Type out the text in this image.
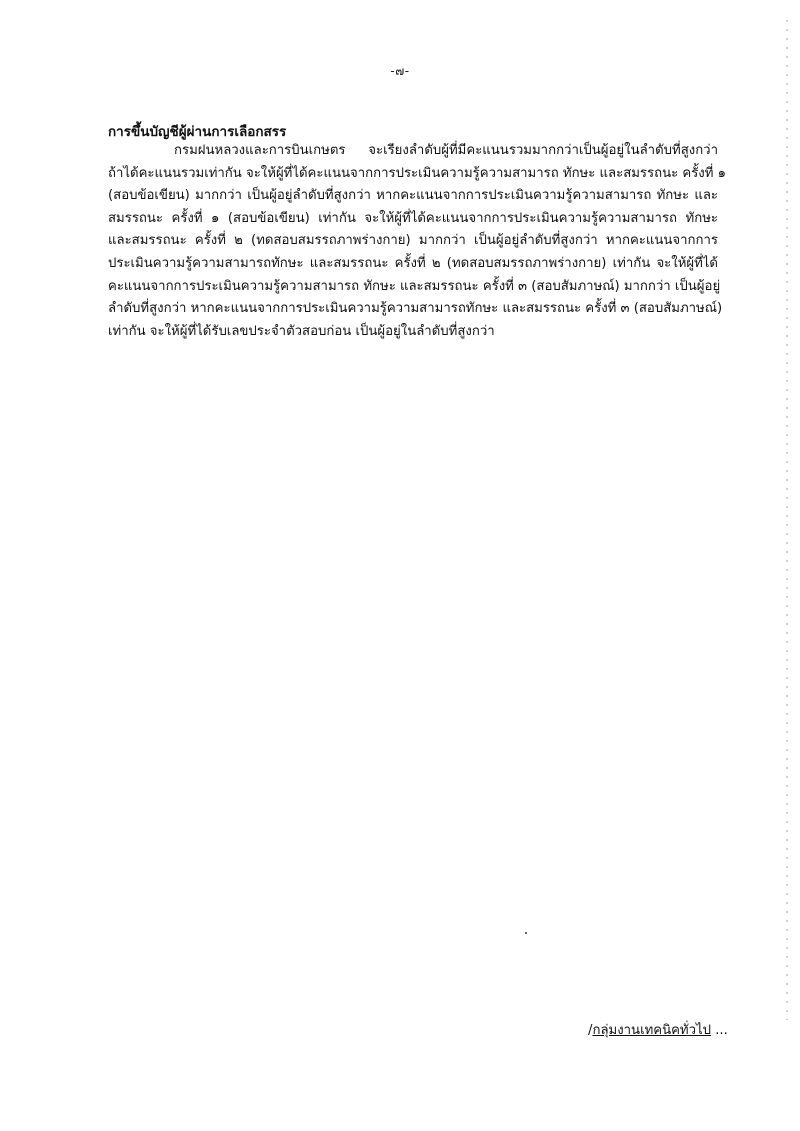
-๗-
การขึ้นบัญชีผู้ผ่านการเลือกสรร
กรมฝนหลวงและการบินเกษตร จะเรียงลำดับผู้ที่มีคะแนนรวมมากกว่าเป็นผู้อยู่ในลำดับที่สูงกว่า
ถ้าได้คะแนนรวมเท่ากัน จะให้ผู้ที่ได้คะแนนจากการประเมินความรู้ความสามารถ ทักษะ และสมรรถนะ ครั้งที่ ๑
(สอบข้อเขียน) มากกว่า เป็นผู้อยู่ลำดับที่สูงกว่า หากคะแนนจากการประเมินความรู้ความสามารถ ทักษะ และ
สมรรถนะ ครั้งที่ ๑ (สอบข้อเขียน) เท่ากัน จะให้ผู้ที่ได้คะแนนจากการประเมินความรู้ความสามารถ ทักษะ
และสมรรถนะ ครั้งที่ ๒ (ทดสอบสมรรถภาพร่างกาย) มากกว่า เป็นผู้อยู่ลำดับที่สูงกว่า หากคะแนนจากการ
ประเมินความรู้ความสามารถทักษะ และสมรรถนะ ครั้งที่ ๒ (ทดสอบสมรรถภาพร่างกาย) เท่ากัน จะให้ผู้ที่ได้
คะแนนจากการประเมินความรู้ความสามารถ ทักษะ และสมรรถนะ ครั้งที่ ๓ (สอบสัมภาษณ์) มากกว่า เป็นผู้อยู่
ลำดับที่สูงกว่า หากคะแนนจากการประเมินความรู้ความสามารถทักษะ และสมรรถนะ ครั้งที่ ๓ (สอบสัมภาษณ์)
เท่ากัน จะให้ผู้ที่ได้รับเลขประจำตัวสอบก่อน เป็นผู้อยู่ในลำดับที่สูงกว่า
/กลุ่มงานเทคนิคทั่วไป ...
